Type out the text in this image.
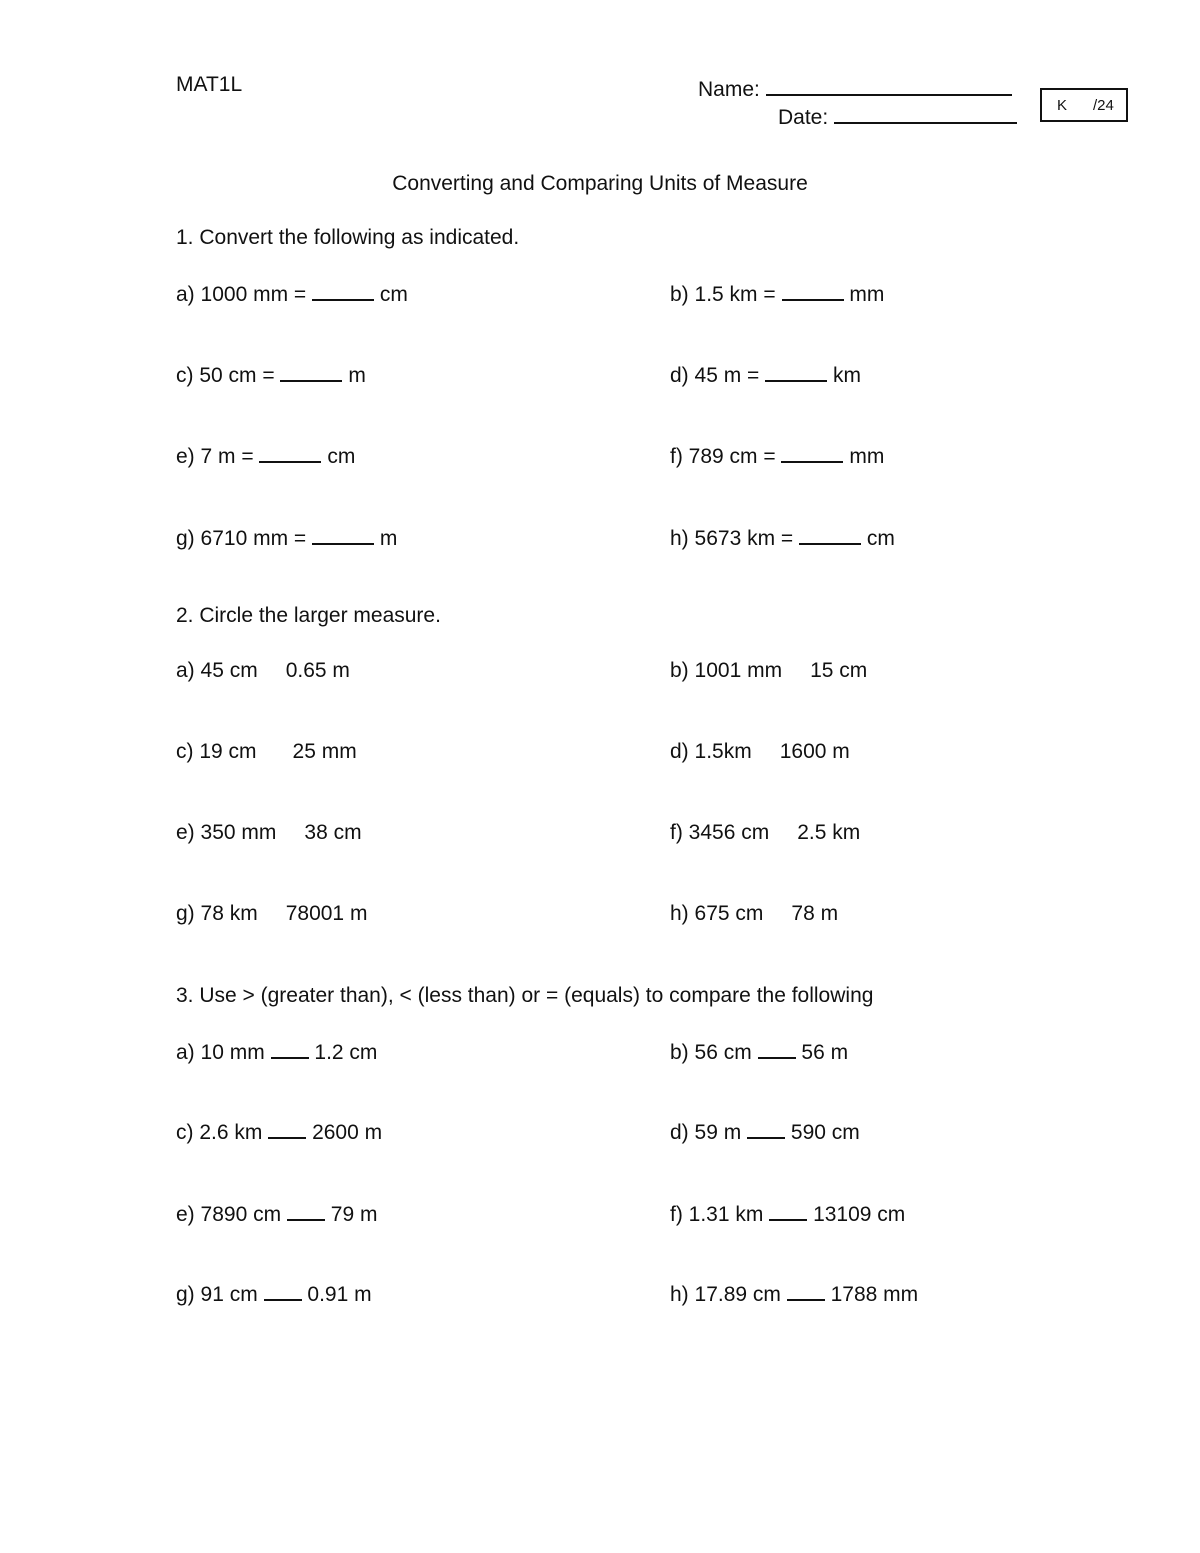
MAT1L	Name:
Date:
K /24
Converting and Comparing Units of Measure
1. Convert the following as indicated.
a) 1000 mm =	cm	b) 1.5 km =	mm
c) 50 cm =	m	d) 45 m =	km
e) 7 m =	cm	f) 789 cm =	mm
g) 6710 mm =	m	h) 5673 km =	cm
2. Circle the larger measure.
a) 45 cm 0.65 m	b) 1001 mm 15 cm
c) 19 cm 25 mm	d) 1.5km 1600 m
e) 350 mm 38 cm	f) 3456 cm 2.5 km
g) 78 km 78001 m	h) 675 cm 78 m
3. Use > (greater than), < (less than) or = (equals) to compare the following
a) 10 mm 1.2 cm	b) 56 cm 56 m
c) 2.6 km 2600 m	d) 59 m 590 cm
e) 7890 cm 79 m	f) 1.31 km 13109 cm
g) 91 cm 0.91 m	h) 17.89 cm 1788 mm
